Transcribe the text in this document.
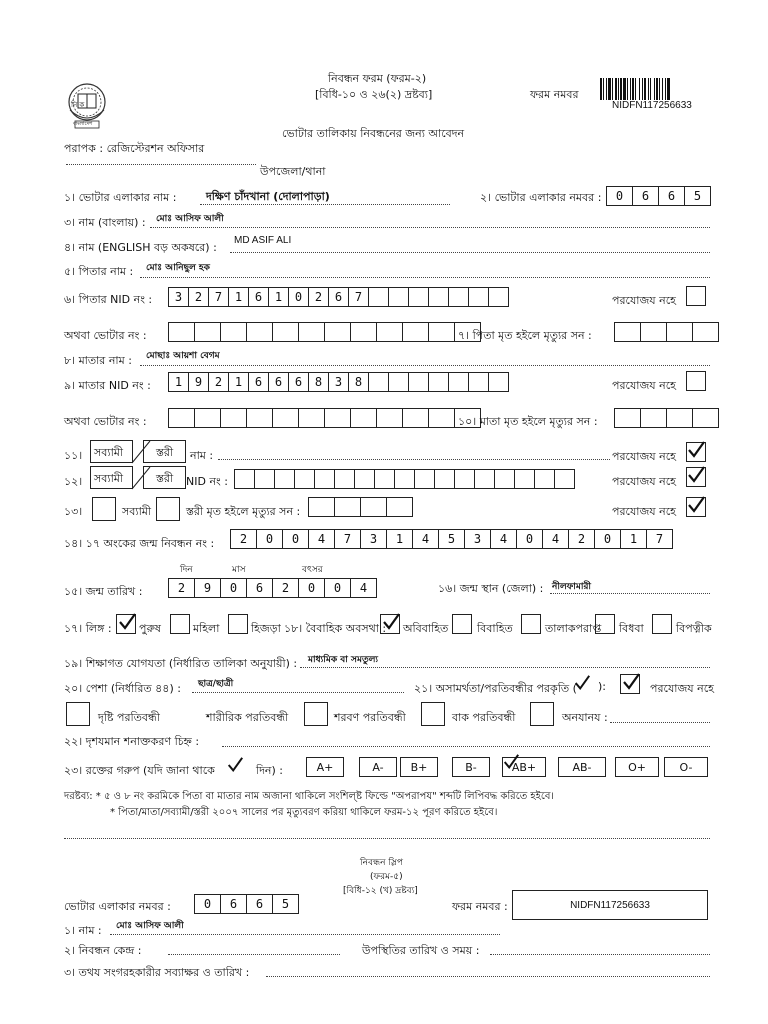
নি ক
বাংলাদেশ
নিবন্ধন ফরম (ফরম-২)
[বিধি-১০ ও ২৬(২) দ্রষ্টব্য]	ফরম নমবর
NIDFN117256633
ভোটার তালিকায় নিবন্ধনের জন্য আবেদন
পরাপক : রেজিস্টেরশন অফিসার
উপজেলা/থানা
১। ভোটার এলাকার নাম :	দক্ষিণ চাঁদখানা (দোলাপাড়া)	২। ভোটার এলাকার নমবর :	0	6	6	5
৩। নাম (বাংলায়) : মোঃ আসিফ আলী
৪। নাম (ENGLISH বড় অকষরে) :
MD ASIF ALI
৫। পিতার নাম : মোঃ আনিছুল হক
৬। পিতার NID নং :	3	2	7	1	6	1	0	2	6	7	পরযোজয নহে
অথবা ভোটার নং :	৭। পিতা মৃত হইলে মৃত্যুর সন :
৮। মাতার নাম : মোছাঃ আয়শা বেগম
৯। মাতার NID নং :	1	9	2	1	6	6	6	8	3	8	পরযোজয নহে
অথবা ভোটার নং :	১০। মাতা মৃত হইলে মৃত্যুর সন :
১১। সব্যামী	স্তরী নাম :	পরযোজয নহে
১২। সব্যামী	স্তরী NID নং :	পরযোজয নহে
১৩।	সব্যামী	স্তরী মৃত হইলে মৃত্যুর সন :	পরযোজয নহে
১৪। ১৭ অংকের জন্ম নিবন্ধন নং :	2	0	0	4	7	3	1	4	5	3	4	0	4	2	0	1	7
দিন	মাস	বৎসর
১৫। জন্ম তারিখ :	2	9	0	6	2	0	0	4	১৬। জন্ম স্থান (জেলা) : নীলফামারী
১৭। লিঙ্গ : পুরুষ	মহিলা	হিজড়া ১৮। বৈবাহিক অবসথা : অবিবাহিত	বিবাহিত	তালাকপরাপ্ত বিধবা	বিপত্নীক
১৯। শিক্ষাগত যোগযতা (নির্ধারিত তালিকা অনুযায়ী) : মাধ্যমিক বা সমতুল্য
২০। পেশা (নির্ধারিত ৪৪) : ছাত্র/ছাত্রী	২১। অসামর্থতা/পরতিবন্ধীর পরকৃতি ( ):	পরযোজয নহে
দৃষ্টি পরতিবন্ধী	শারীরিক পরতিবন্ধী	শরবণ পরতিবন্ধী	বাক পরতিবন্ধী	অনযানয :
২২। দৃশযমান শনাক্তকরণ চিহ্ন :
২৩। রক্তের গরুপ (যদি জানা থাকে	দিন) :	A+	A-	B+	B-	AB+	AB-	O+	O-
দরষ্টব্য: * ৫ ও ৮ নং করমিকে পিতা বা মাতার নাম অজানা থাকিলে সংশিল্ষ্ট ফিল্ডে "অপরাপয" শব্দটি লিপিবদ্ধ করিতে হইবে।
* পিতা/মাতা/সব্যামী/স্তরী ২০০৭ সালের পর মৃত্যুবরণ করিয়া থাকিলে ফরম-১২ পূরণ করিতে হইবে।
নিবন্ধন স্লিপ
(ফরম-৫)
[বিধি-১২ (খ) দ্রষ্টব্য]
ভোটার এলাকার নমবর :	0	6	6	5	ফরম নমবর :	NIDFN117256633
১। নাম : মোঃ আসিফ আলী
২। নিবন্ধন কেন্দ্র :	উপস্থিতির তারিখ ও সময় :
৩। তথয সংগরহকারীর সব্যাক্ষর ও তারিখ :
